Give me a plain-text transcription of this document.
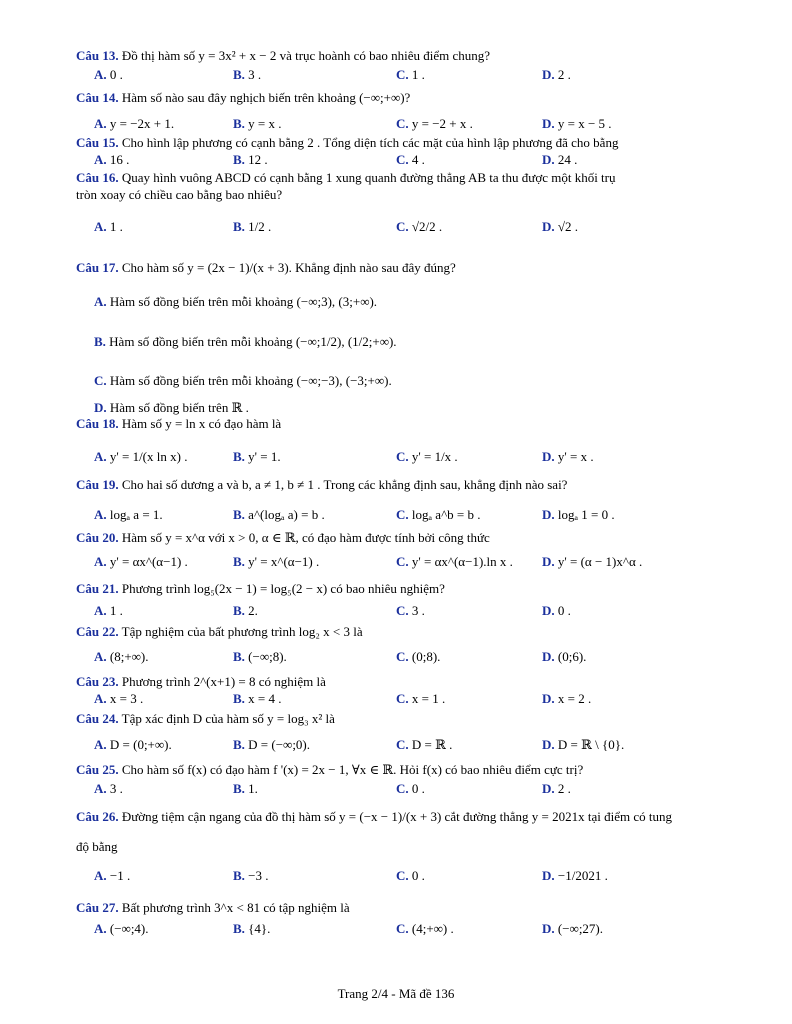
Câu 13. Đồ thị hàm số y = 3x² + x − 2 và trục hoành có bao nhiêu điểm chung?
A. 0 .	B. 3 .	C. 1 .	D. 2 .
Câu 14. Hàm số nào sau đây nghịch biến trên khoảng (−∞;+∞)?
A. y = −2x + 1.	B. y = x .	C. y = −2 + x .	D. y = x − 5 .
Câu 15. Cho hình lập phương có cạnh bằng 2 . Tổng diện tích các mặt của hình lập phương đã cho bằng
A. 16 .	B. 12 .	C. 4 .	D. 24 .
Câu 16. Quay hình vuông ABCD có cạnh bằng 1 xung quanh đường thẳng AB ta thu được một khối trụ
tròn xoay có chiều cao bằng bao nhiêu?
A. 1 .	B. 1/2 .	C. √2/2 .	D. √2 .
Câu 17. Cho hàm số y = (2x − 1)/(x + 3). Khẳng định nào sau đây đúng?
A. Hàm số đồng biến trên mỗi khoảng (−∞;3), (3;+∞).
B. Hàm số đồng biến trên mỗi khoảng (−∞;1/2), (1/2;+∞).
C. Hàm số đồng biến trên mỗi khoảng (−∞;−3), (−3;+∞).
D. Hàm số đồng biến trên ℝ .
Câu 18. Hàm số y = ln x có đạo hàm là
A. y' = 1/(x ln x) .	B. y' = 1.	C. y' = 1/x .	D. y' = x .
Câu 19. Cho hai số dương a và b, a ≠ 1, b ≠ 1 . Trong các khẳng định sau, khẳng định nào sai?
A. logₐ a = 1.	B. a^(logₐ a) = b .	C. logₐ a^b = b .	D. logₐ 1 = 0 .
Câu 20. Hàm số y = x^α với x > 0, α ∈ ℝ, có đạo hàm được tính bởi công thức
A. y' = αx^(α−1) .	B. y' = x^(α−1) .	C. y' = αx^(α−1).ln x . D. y' = (α − 1)x^α .
Câu 21. Phương trình log₅(2x − 1) = log₅(2 − x) có bao nhiêu nghiệm?
A. 1 .	B. 2.	C. 3 .	D. 0 .
Câu 22. Tập nghiệm của bất phương trình log₂ x < 3 là
A. (8;+∞).	B. (−∞;8).	C. (0;8).	D. (0;6).
Câu 23. Phương trình 2^(x+1) = 8 có nghiệm là
A. x = 3 .	B. x = 4 .	C. x = 1 .	D. x = 2 .
Câu 24. Tập xác định D của hàm số y = log₃ x² là
A. D = (0;+∞).	B. D = (−∞;0).	C. D = ℝ .	D. D = ℝ \ {0}.
Câu 25. Cho hàm số f(x) có đạo hàm f '(x) = 2x − 1, ∀x ∈ ℝ. Hỏi f(x) có bao nhiêu điểm cực trị?
A. 3 .	B. 1.	C. 0 .	D. 2 .
Câu 26. Đường tiệm cận ngang của đồ thị hàm số y = (−x − 1)/(x + 3) cắt đường thẳng y = 2021x tại điểm có tung
độ bằng
A. −1 .	B. −3 .	C. 0 .	D. −1/2021 .
Câu 27. Bất phương trình 3^x < 81 có tập nghiệm là
A. (−∞;4).	B. {4}.	C. (4;+∞) .	D. (−∞;27).
Trang 2/4 - Mã đề 136
